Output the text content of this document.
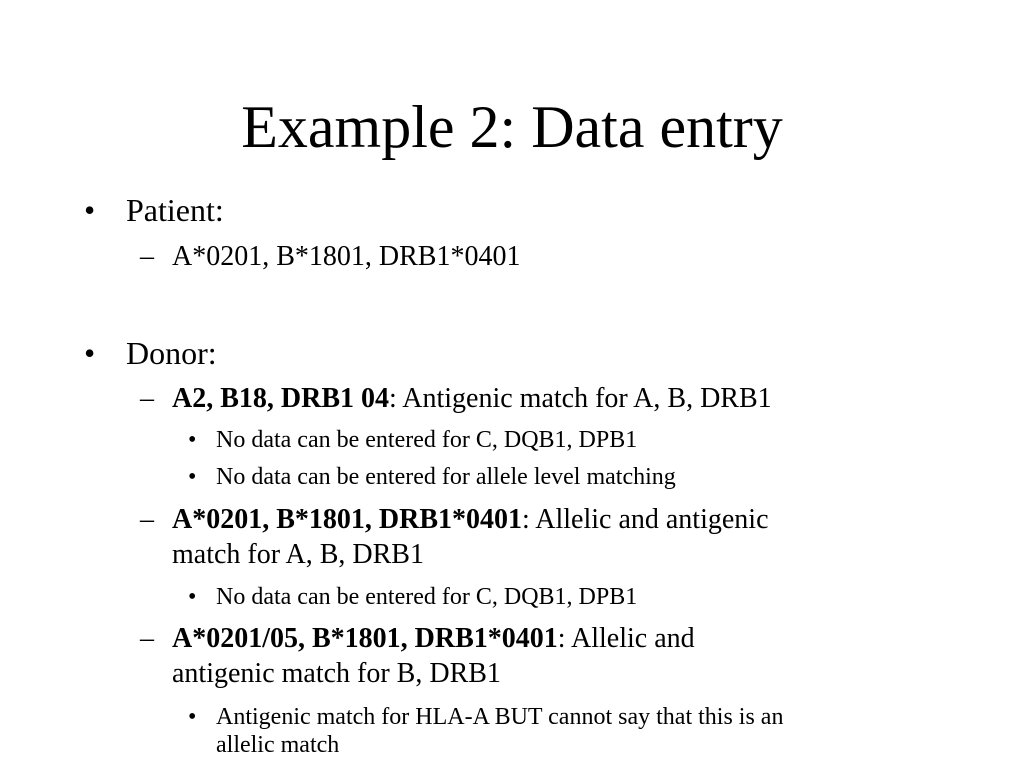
Example 2: Data entry
• Patient:
– A*0201, B*1801, DRB1*0401
• Donor:
– A2, B18, DRB1 04: Antigenic match for A, B, DRB1
• No data can be entered for C, DQB1, DPB1
• No data can be entered for allele level matching
– A*0201, B*1801, DRB1*0401: Allelic and antigenic
match for A, B, DRB1
• No data can be entered for C, DQB1, DPB1
– A*0201/05, B*1801, DRB1*0401: Allelic and
antigenic match for B, DRB1
• Antigenic match for HLA-A BUT cannot say that this is an
allelic match
